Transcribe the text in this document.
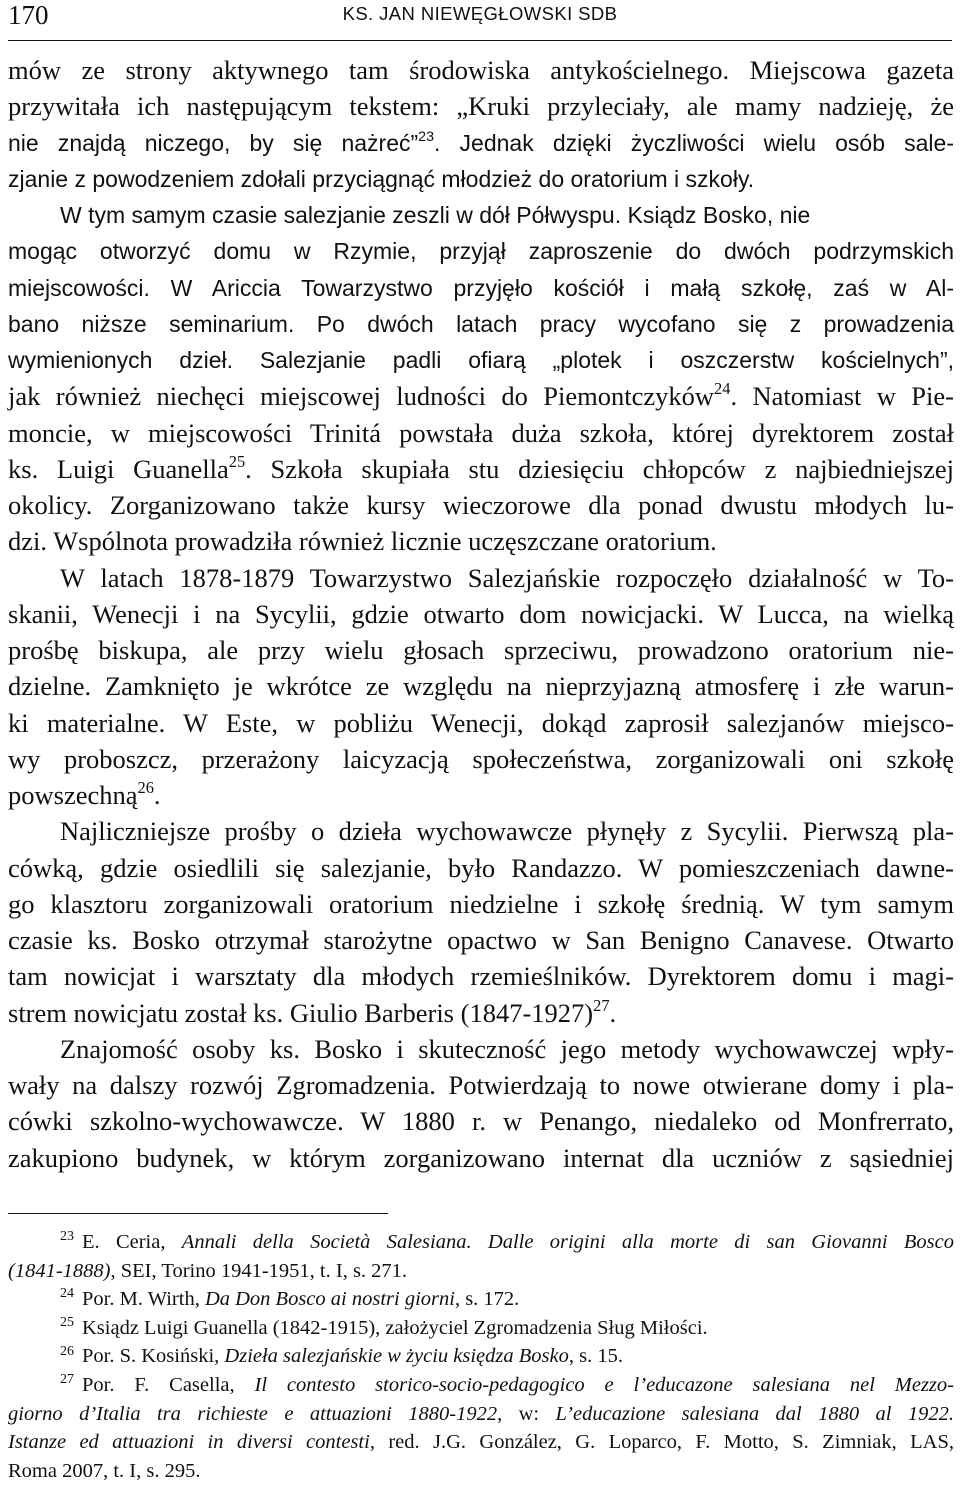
170	KS. JAN NIEWĘGŁOWSKI SDB
mów ze strony aktywnego tam środowiska antykościelnego. Miejscowa gazeta
przywitała ich następującym tekstem: „Kruki przyleciały, ale mamy nadzieję, że
nie znajdą niczego, by się nażreć”$^{23}$. Jednak dzięki życzliwości wielu osób sale-
zjanie z powodzeniem zdołali przyciągnąć młodzież do oratorium i szkoły.
W tym samym czasie salezjanie zeszli w dół Półwyspu. Ksiądz Bosko, nie
mogąc otworzyć domu w Rzymie, przyjął zaproszenie do dwóch podrzymskich
miejscowości. W Ariccia Towarzystwo przyjęło kościół i małą szkołę, zaś w Al-
bano niższe seminarium. Po dwóch latach pracy wycofano się z prowadzenia
wymienionych dzieł. Salezjanie padli ofiarą „plotek i oszczerstw kościelnych”,
jak również niechęci miejscowej ludności do Piemontczyków$^{24}$. Natomiast w Pie-
moncie, w miejscowości Trinitá powstała duża szkoła, której dyrektorem został
ks. Luigi Guanella$^{25}$. Szkoła skupiała stu dziesięciu chłopców z najbiedniejszej
okolicy. Zorganizowano także kursy wieczorowe dla ponad dwustu młodych lu-
dzi. Wspólnota prowadziła również licznie uczęszczane oratorium.
W latach 1878-1879 Towarzystwo Salezjańskie rozpoczęło działalność w To-
skanii, Wenecji i na Sycylii, gdzie otwarto dom nowicjacki. W Lucca, na wielką
prośbę biskupa, ale przy wielu głosach sprzeciwu, prowadzono oratorium nie-
dzielne. Zamknięto je wkrótce ze względu na nieprzyjazną atmosferę i złe warun-
ki materialne. W Este, w pobliżu Wenecji, dokąd zaprosił salezjanów miejsco-
wy proboszcz, przerażony laicyzacją społeczeństwa, zorganizowali oni szkołę
powszechną$^{26}$.
Najliczniejsze prośby o dzieła wychowawcze płynęły z Sycylii. Pierwszą pla-
cówką, gdzie osiedlili się salezjanie, było Randazzo. W pomieszczeniach dawne-
go klasztoru zorganizowali oratorium niedzielne i szkołę średnią. W tym samym
czasie ks. Bosko otrzymał starożytne opactwo w San Benigno Canavese. Otwarto
tam nowicjat i warsztaty dla młodych rzemieślników. Dyrektorem domu i magi-
strem nowicjatu został ks. Giulio Barberis (1847-1927)$^{27}$.
Znajomość osoby ks. Bosko i skuteczność jego metody wychowawczej wpły-
wały na dalszy rozwój Zgromadzenia. Potwierdzają to nowe otwierane domy i pla-
cówki szkolno-wychowawcze. W 1880 r. w Penango, niedaleko od Monfrerrato,
zakupiono budynek, w którym zorganizowano internat dla uczniów z sąsiedniej
$^{23}$ E. Ceria, Annali della Società Salesiana. Dalle origini alla morte di san Giovanni Bosco
(1841-1888), SEI, Torino 1941-1951, t. I, s. 271.
$^{24}$ Por. M. Wirth, Da Don Bosco ai nostri giorni, s. 172.
$^{25}$ Ksiądz Luigi Guanella (1842-1915), założyciel Zgromadzenia Sług Miłości.
$^{26}$ Por. S. Kosiński, Dzieła salezjańskie w życiu księdza Bosko, s. 15.
$^{27}$ Por. F. Casella, Il contesto storico-socio-pedagogico e l’educazone salesiana nel Mezzo-
giorno d’Italia tra richieste e attuazioni 1880-1922, w: L’educazione salesiana dal 1880 al 1922.
Istanze ed attuazioni in diversi contesti, red. J.G. González, G. Loparco, F. Motto, S. Zimniak, LAS,
Roma 2007, t. I, s. 295.
